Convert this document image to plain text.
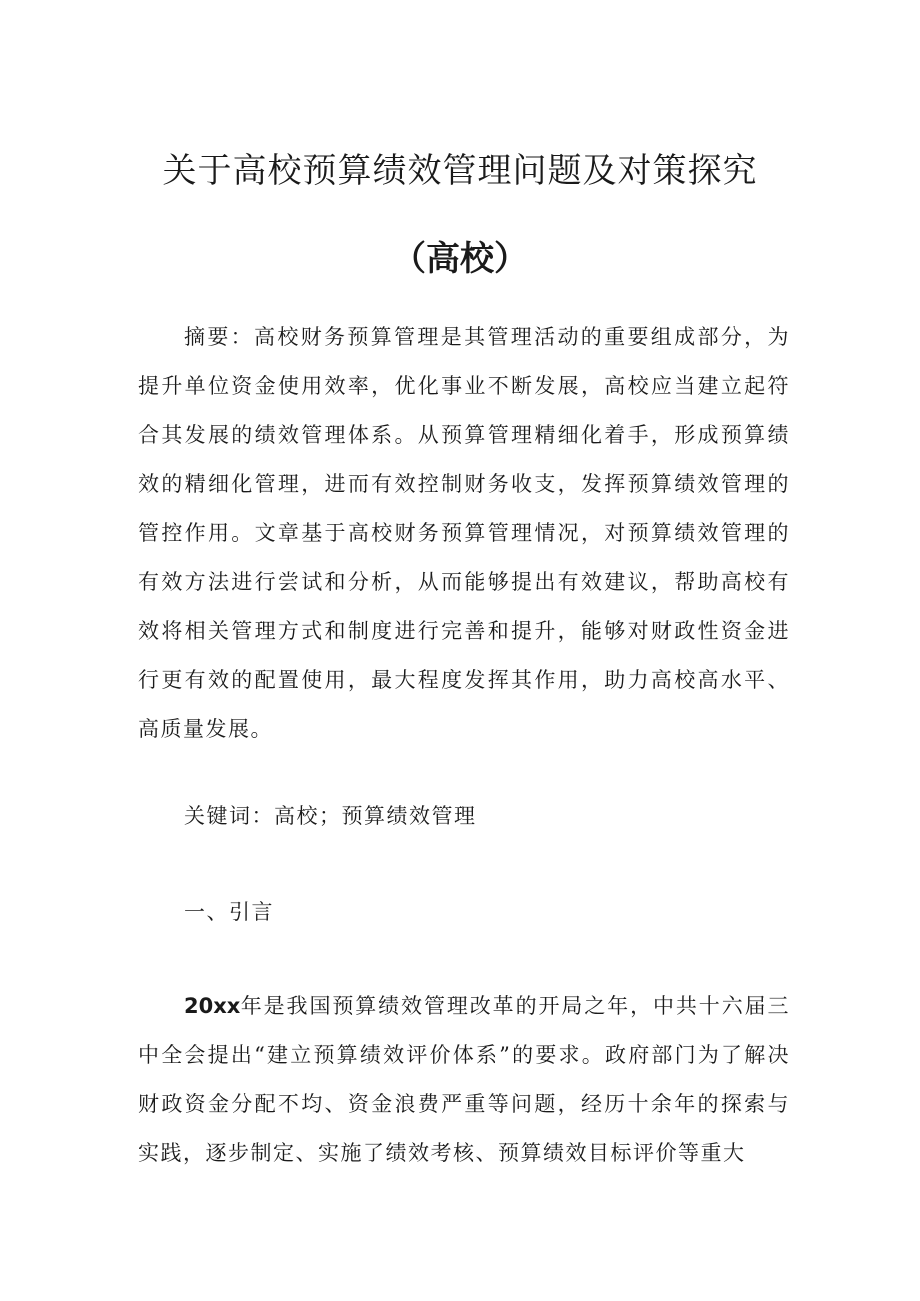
关于高校预算绩效管理问题及对策探究
（高校）

摘要：高校财务预算管理是其管理活动的重要组成部分，为提升单位资金使用效率，优化事业不断发展，高校应当建立起符合其发展的绩效管理体系。从预算管理精细化着手，形成预算绩效的精细化管理，进而有效控制财务收支，发挥预算绩效管理的管控作用。文章基于高校财务预算管理情况，对预算绩效管理的有效方法进行尝试和分析，从而能够提出有效建议，帮助高校有效将相关管理方式和制度进行完善和提升，能够对财政性资金进行更有效的配置使用，最大程度发挥其作用，助力高校高水平、高质量发展。

关键词：高校；预算绩效管理

一、引言

20xx年是我国预算绩效管理改革的开局之年，中共十六届三中全会提出“建立预算绩效评价体系”的要求。政府部门为了解决财政资金分配不均、资金浪费严重等问题，经历十余年的探索与实践，逐步制定、实施了绩效考核、预算绩效目标评价等重大
